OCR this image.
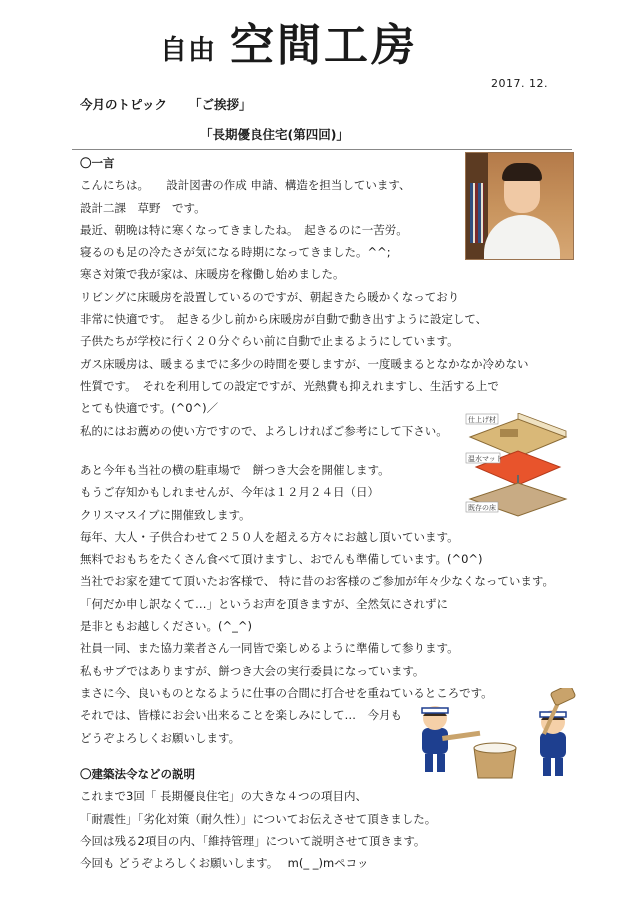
自由 空間工房
2017. 12.
今月のトピック 「ご挨拶」
「長期優良住宅(第四回)」
〇一言
こんにちは。　　設計図書の作成 申請、構造を担当しています、
設計二課　草野　です。
最近、朝晩は特に寒くなってきましたね。　起きるのに一苦労。
寝るのも足の冷たさが気になる時期になってきました。^^;
寒さ対策で我が家は、床暖房を稼働し始めました。
リビングに床暖房を設置しているのですが、朝起きたら暖かくなっており
非常に快適です。　起きる少し前から床暖房が自動で動き出すように設定して、
子供たちが学校に行く２０分ぐらい前に自動で止まるようにしています。
ガス床暖房は、暖まるまでに多少の時間を要しますが、一度暖まるとなかなか冷めない
性質です。　それを利用しての設定ですが、光熱費も抑えれますし、生活する上で
とても快適です。(^0^)／
私的にはお薦めの使い方ですので、よろしければご参考にして下さい。
仕上げ材
温水マット
既存の床
あと今年も当社の横の駐車場で　餅つき大会を開催します。
もうご存知かもしれませんが、今年は１２月２４日（日）
クリスマスイブに開催致します。
毎年、大人・子供合わせて２５０人を超える方々にお越し頂いています。
無料でおもちをたくさん食べて頂けますし、おでんも準備しています。(^0^)
当社でお家を建てて頂いたお客様で、 特に昔のお客様のご参加が年々少なくなっています。
「何だか申し訳なくて…」というお声を頂きますが、全然気にされずに
是非ともお越しください。(^_^)
社員一同、また協力業者さん一同皆で楽しめるように準備して参ります。
私もサブではありますが、餅つき大会の実行委員になっています。
まさに今、良いものとなるように仕事の合間に打合せを重ねているところです。
それでは、皆様にお会い出来ることを楽しみにして…　今月も
どうぞよろしくお願いします。
〇建築法令などの説明
これまで3回「 長期優良住宅」の大きな４つの項目内、
「耐震性」「劣化対策（耐久性）」についてお伝えさせて頂きました。
今回は残る2項目の内、「維持管理」について説明させて頂きます。
今回も どうぞよろしくお願いします。　 m(_ _)mペコッ
